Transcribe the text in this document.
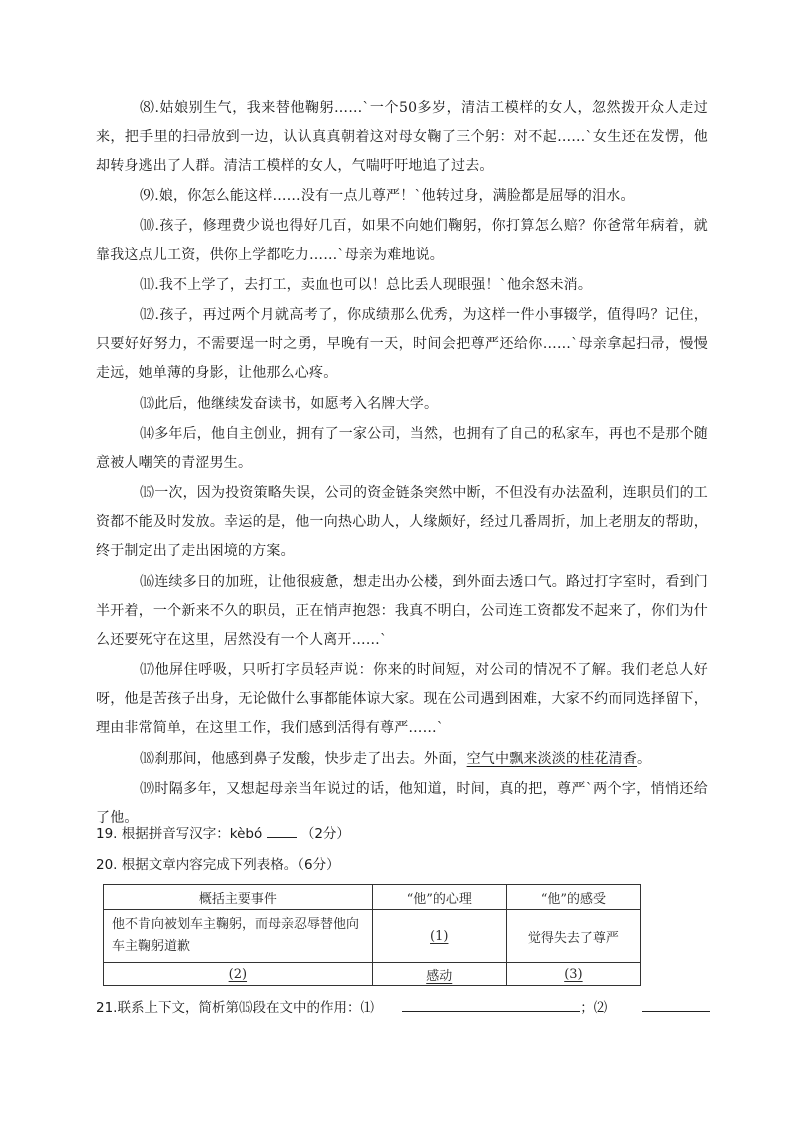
⑻.姑娘别生气，我来替他鞠躬……`一个50多岁，清洁工模样的女人，忽然拨开众人走过来，把手里的扫帚放到一边，认认真真朝着这对母女鞠了三个躬：对不起……`女生还在发愣，他却转身逃出了人群。清洁工模样的女人，气喘吁吁地追了过去。

⑼.娘，你怎么能这样……没有一点儿尊严！`他转过身，满脸都是屈辱的泪水。

⑽.孩子，修理费少说也得好几百，如果不向她们鞠躬，你打算怎么赔？你爸常年病着，就靠我这点儿工资，供你上学都吃力……`母亲为难地说。

⑾.我不上学了，去打工，卖血也可以！总比丢人现眼强！`他余怒未消。

⑿.孩子，再过两个月就高考了，你成绩那么优秀，为这样一件小事辍学，值得吗？记住，只要好好努力，不需要逞一时之勇，早晚有一天，时间会把尊严还给你……`母亲拿起扫帚，慢慢走远，她单薄的身影，让他那么心疼。

⒀此后，他继续发奋读书，如愿考入名牌大学。

⒁多年后，他自主创业，拥有了一家公司，当然，也拥有了自己的私家车，再也不是那个随意被人嘲笑的青涩男生。

⒂一次，因为投资策略失误，公司的资金链条突然中断，不但没有办法盈利，连职员们的工资都不能及时发放。幸运的是，他一向热心助人，人缘颇好，经过几番周折，加上老朋友的帮助，终于制定出了走出困境的方案。

⒃连续多日的加班，让他很疲惫，想走出办公楼，到外面去透口气。路过打字室时，看到门半开着，一个新来不久的职员，正在悄声抱怨：我真不明白，公司连工资都发不起来了，你们为什么还要死守在这里，居然没有一个人离开……`

⒄他屏住呼吸，只听打字员轻声说：你来的时间短，对公司的情况不了解。我们老总人好呀，他是苦孩子出身，无论做什么事都能体谅大家。现在公司遇到困难，大家不约而同选择留下，理由非常简单，在这里工作，我们感到活得有尊严……`

⒅刹那间，他感到鼻子发酸，快步走了出去。外面，空气中飘来淡淡的桂花清香。

⒆时隔多年，又想起母亲当年说过的话，他知道，时间，真的把，尊严`两个字，悄悄还给了他。

19. 根据拼音写汉字：kèbó	（2分）

20. 根据文章内容完成下列表格。（6分）

概括主要事件	“他”的心理	“他”的感受
他不肯向被划车主鞠躬，而母亲忍辱替他向车主鞠躬道歉	(1)	觉得失去了尊严
(2)	感动	(3)

21.联系上下文，简析第⒂段在文中的作用：⑴	；⑵
